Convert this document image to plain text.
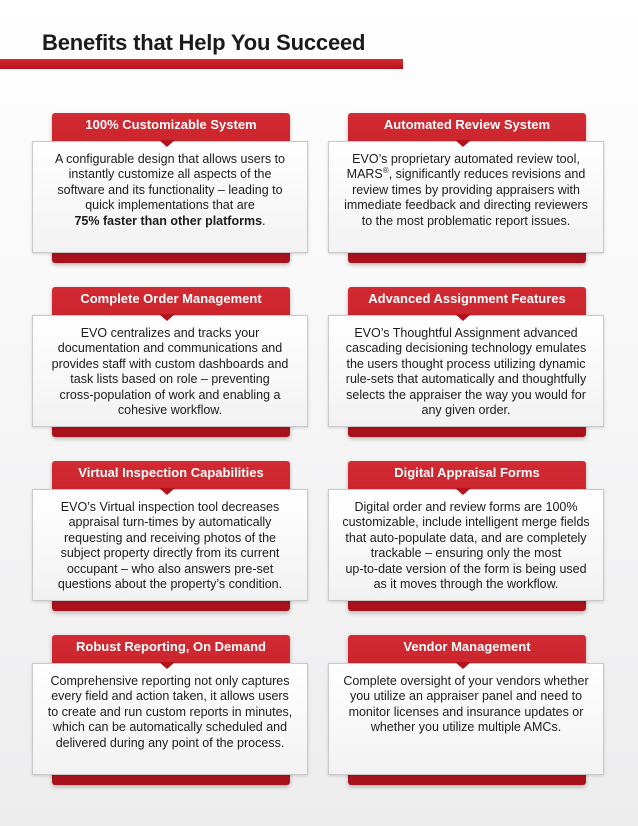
Benefits that Help You Succeed
A configurable design that allows users to
instantly customize all aspects of the
software and its functionality – leading to
quick implementations that are
75% faster than other platforms.
100% Customizable System
EVO’s proprietary automated review tool,
MARS®, significantly reduces revisions and
review times by providing appraisers with
immediate feedback and directing reviewers
to the most problematic report issues.
Automated Review System
EVO centralizes and tracks your
documentation and communications and
provides staff with custom dashboards and
task lists based on role – preventing
cross-population of work and enabling a
cohesive workflow.
Complete Order Management
EVO’s Thoughtful Assignment advanced
cascading decisioning technology emulates
the users thought process utilizing dynamic
rule-sets that automatically and thoughtfully
selects the appraiser the way you would for
any given order.
Advanced Assignment Features
EVO’s Virtual inspection tool decreases
appraisal turn-times by automatically
requesting and receiving photos of the
subject property directly from its current
occupant – who also answers pre-set
questions about the property’s condition.
Virtual Inspection Capabilities
Digital order and review forms are 100%
customizable, include intelligent merge fields
that auto-populate data, and are completely
trackable – ensuring only the most
up-to-date version of the form is being used
as it moves through the workflow.
Digital Appraisal Forms
Comprehensive reporting not only captures
every field and action taken, it allows users
to create and run custom reports in minutes,
which can be automatically scheduled and
delivered during any point of the process.
Robust Reporting, On Demand
Complete oversight of your vendors whether
you utilize an appraiser panel and need to
monitor licenses and insurance updates or
whether you utilize multiple AMCs.
Vendor Management
